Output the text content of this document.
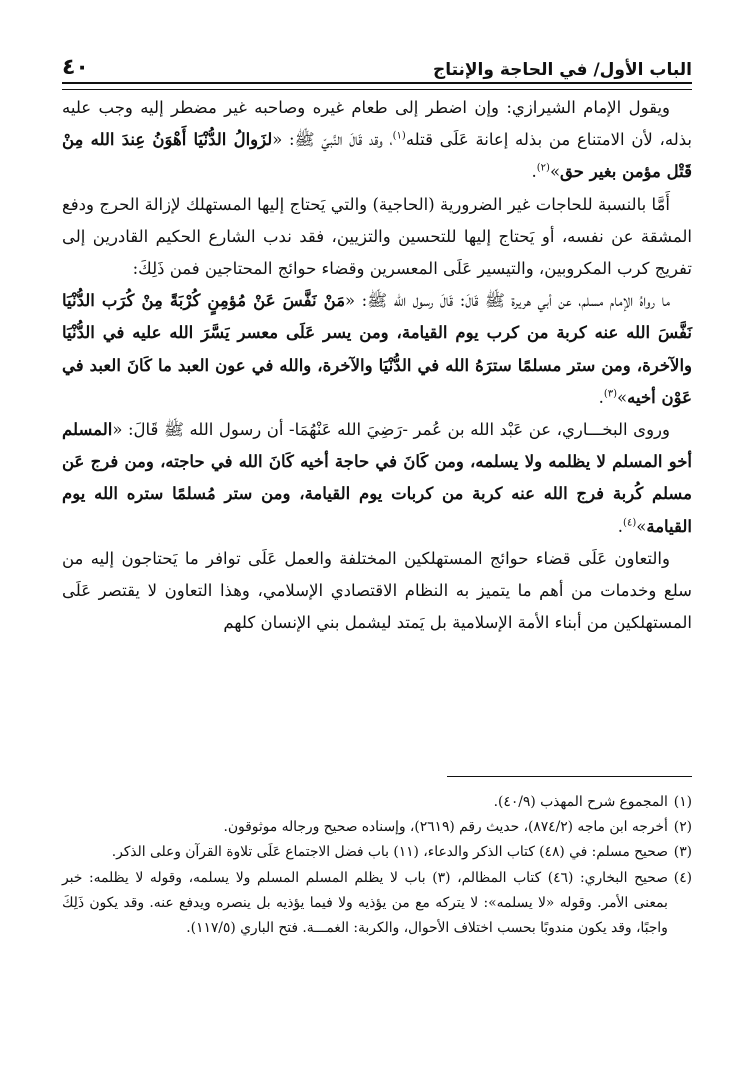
الباب الأول/ في الحاجة والإنتاج
٤٠

ويقول الإمام الشيرازي: وإن اضطر إلى طعام غيره وصاحبه غير مضطر إليه وجب عليه بذله، لأن الامتناع من بذله إعانة عَلَى قتله$^{(١)}$، وقد قَالَ النَّبيّ ﷺ: «لزَوالُ الدُّنْيَا أَهْوَنُ عِندَ الله مِنْ قَتْل مؤمن بغير حق»$^{(٢)}$.

أَمَّا بالنسبة للحاجات غير الضرورية (الحاجية) والتي يَحتاج إليها المستهلك لإزالة الحرج ودفع المشقة عن نفسه، أو يَحتاج إليها للتحسين والتزيين، فقد ندب الشارع الحكيم القادرين إلى تفريج كرب المكروبين، والتيسير عَلَى المعسرين وقضاء حوائج المحتاجين فمن ذَلِكَ:

ما رواهُ الإمام مسلم، عن أبي هريرة ﷺ قَالَ: قَالَ رسول الله ﷺ: «مَنْ نَفَّسَ عَنْ مُؤمِنٍ كُرْبَةً مِنْ كُرَب الدُّنْيَا نَفَّسَ الله عنه كربة من كرب يوم القيامة، ومن يسر عَلَى معسر يَسَّرَ الله عليه في الدُّنْيَا والآخرة، ومن ستر مسلمًا سترَهُ الله في الدُّنْيَا والآخرة، والله في عون العبد ما كَانَ العبد في عَوْن أخيه»$^{(٣)}$.

وروى البخـــاري، عن عَبْد الله بن عُمر -رَضِيَ الله عَنْهُمَا- أن رسول الله ﷺ قَالَ: «المسلم أخو المسلم لا يظلمه ولا يسلمه، ومن كَانَ في حاجة أخيه كَانَ الله في حاجته، ومن فرج عَن مسلم كُربة فرج الله عنه كربة من كربات يوم القيامة، ومن ستر مُسلمًا ستره الله يوم القيامة»$^{(٤)}$.

والتعاون عَلَى قضاء حوائج المستهلكين المختلفة والعمل عَلَى توافر ما يَحتاجون إليه من سلع وخدمات من أهم ما يتميز به النظام الاقتصادي الإسلامي، وهذا التعاون لا يقتصر عَلَى المستهلكين من أبناء الأمة الإسلامية بل يَمتد ليشمل بني الإنسان كلهم

(١)
المجموع شرح المهذب (٤٠/٩).
(٢)
أخرجه ابن ماجه (٨٧٤/٢)، حديث رقم (٢٦١٩)، وإسناده صحيح ورجاله موثوقون.
(٣)
صحيح مسلم: في (٤٨) كتاب الذكر والدعاء، (١١) باب فضل الاجتماع عَلَى تلاوة القرآن وعلى الذكر.
(٤)
صحيح البخاري: (٤٦) كتاب المظالم، (٣) باب لا يظلم المسلم المسلم ولا يسلمه، وقوله لا يظلمه: خبر بمعنى الأمر. وقوله «لا يسلمه»: لا يتركه مع من يؤذيه ولا فيما يؤذيه بل ينصره ويدفع عنه. وقد يكون ذَلِكَ واجبًا، وقد يكون مندوبًا بحسب اختلاف الأحوال، والكربة: الغمـــة. فتح الباري (١١٧/٥).
